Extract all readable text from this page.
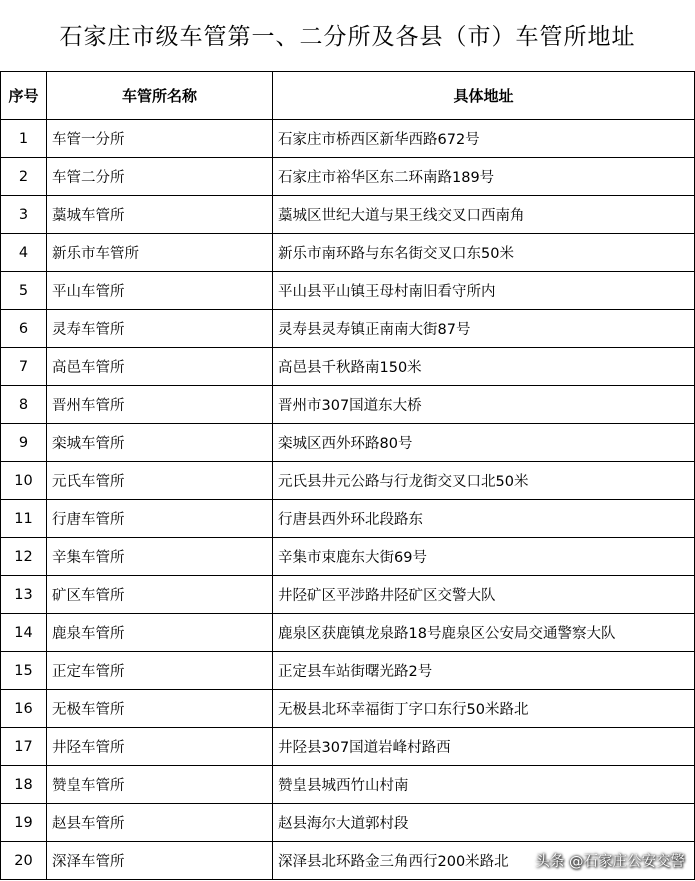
石家庄市级车管第一、二分所及各县（市）车管所地址
序号	车管所名称	具体地址
1	车管一分所	石家庄市桥西区新华西路672号
2	车管二分所	石家庄市裕华区东二环南路189号
3	藁城车管所	藁城区世纪大道与果王线交叉口西南角
4	新乐市车管所	新乐市南环路与东名街交叉口东50米
5	平山车管所	平山县平山镇王母村南旧看守所内
6	灵寿车管所	灵寿县灵寿镇正南南大街87号
7	高邑车管所	高邑县千秋路南150米
8	晋州车管所	晋州市307国道东大桥
9	栾城车管所	栾城区西外环路80号
10	元氏车管所	元氏县井元公路与行龙街交叉口北50米
11	行唐车管所	行唐县西外环北段路东
12	辛集车管所	辛集市束鹿东大街69号
13	矿区车管所	井陉矿区平涉路井陉矿区交警大队
14	鹿泉车管所	鹿泉区获鹿镇龙泉路18号鹿泉区公安局交通警察大队
15	正定车管所	正定县车站街曙光路2号
16	无极车管所	无极县北环幸福街丁字口东行50米路北
17	井陉车管所	井陉县307国道岩峰村路西
18	赞皇车管所	赞皇县城西竹山村南
19	赵县车管所	赵县海尔大道郭村段
20	深泽车管所	深泽县北环路金三角西行200米路北 头条 @石家庄公安交警
